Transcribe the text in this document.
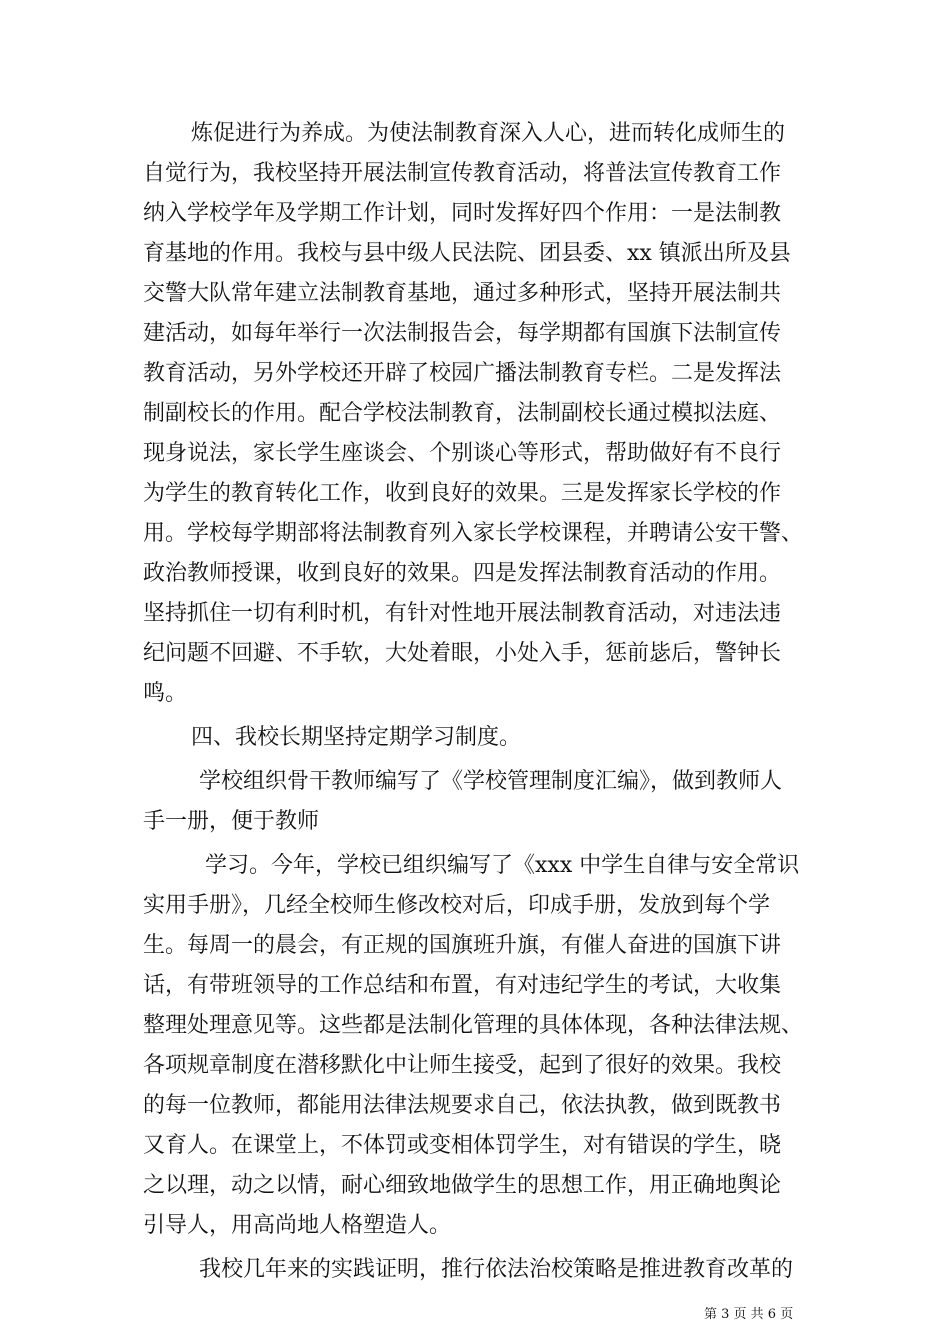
炼促进行为养成。为使法制教育深入人心，进而转化成师生的
自觉行为，我校坚持开展法制宣传教育活动，将普法宣传教育工作
纳入学校学年及学期工作计划，同时发挥好四个作用：一是法制教
育基地的作用。我校与县中级人民法院、团县委、xx 镇派出所及县
交警大队常年建立法制教育基地，通过多种形式，坚持开展法制共
建活动，如每年举行一次法制报告会，每学期都有国旗下法制宣传
教育活动，另外学校还开辟了校园广播法制教育专栏。二是发挥法
制副校长的作用。配合学校法制教育，法制副校长通过模拟法庭、
现身说法，家长学生座谈会、个别谈心等形式，帮助做好有不良行
为学生的教育转化工作，收到良好的效果。三是发挥家长学校的作
用。学校每学期部将法制教育列入家长学校课程，并聘请公安干警、
政治教师授课，收到良好的效果。四是发挥法制教育活动的作用。
坚持抓住一切有利时机，有针对性地开展法制教育活动，对违法违
纪问题不回避、不手软，大处着眼，小处入手，惩前毖后，警钟长
鸣。
四、我校长期坚持定期学习制度。
学校组织骨干教师编写了《学校管理制度汇编》，做到教师人
手一册，便于教师
学习。今年，学校已组织编写了《xxx 中学生自律与安全常识
实用手册》，几经全校师生修改校对后，印成手册，发放到每个学
生。每周一的晨会，有正规的国旗班升旗，有催人奋进的国旗下讲
话，有带班领导的工作总结和布置，有对违纪学生的考试，大收集
整理处理意见等。这些都是法制化管理的具体体现，各种法律法规、
各项规章制度在潜移默化中让师生接受，起到了很好的效果。我校
的每一位教师，都能用法律法规要求自己，依法执教，做到既教书
又育人。在课堂上，不体罚或变相体罚学生，对有错误的学生，晓
之以理，动之以情，耐心细致地做学生的思想工作，用正确地舆论
引导人，用高尚地人格塑造人。
我校几年来的实践证明，推行依法治校策略是推进教育改革的
第 3 页 共 6 页
